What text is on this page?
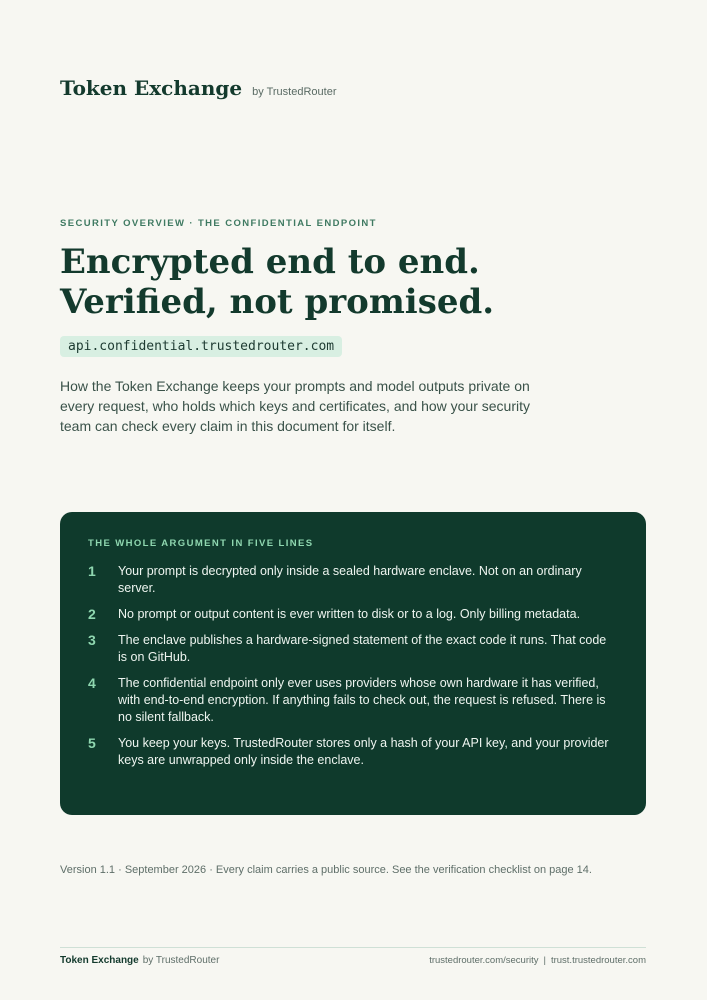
Token Exchange by TrustedRouter
SECURITY OVERVIEW · THE CONFIDENTIAL ENDPOINT
Encrypted end to end.
Verified, not promised.
api.confidential.trustedrouter.com

How the Token Exchange keeps your prompts and model outputs private on every request, who holds which keys and certificates, and how your security team can check every claim in this document for itself.

THE WHOLE ARGUMENT IN FIVE LINES
1	Your prompt is decrypted only inside a sealed hardware enclave. Not on an ordinary server.
2	No prompt or output content is ever written to disk or to a log. Only billing metadata.
3	The enclave publishes a hardware-signed statement of the exact code it runs. That code is on GitHub.
4	The confidential endpoint only ever uses providers whose own hardware it has verified, with end-to-end encryption. If anything fails to check out, the request is refused. There is no silent fallback.
5	You keep your keys. TrustedRouter stores only a hash of your API key, and your provider keys are unwrapped only inside the enclave.
Version 1.1 · September 2026 · Every claim carries a public source. See the verification checklist on page 14.
Token Exchange by TrustedRouter	trustedrouter.com/security | trust.trustedrouter.com
